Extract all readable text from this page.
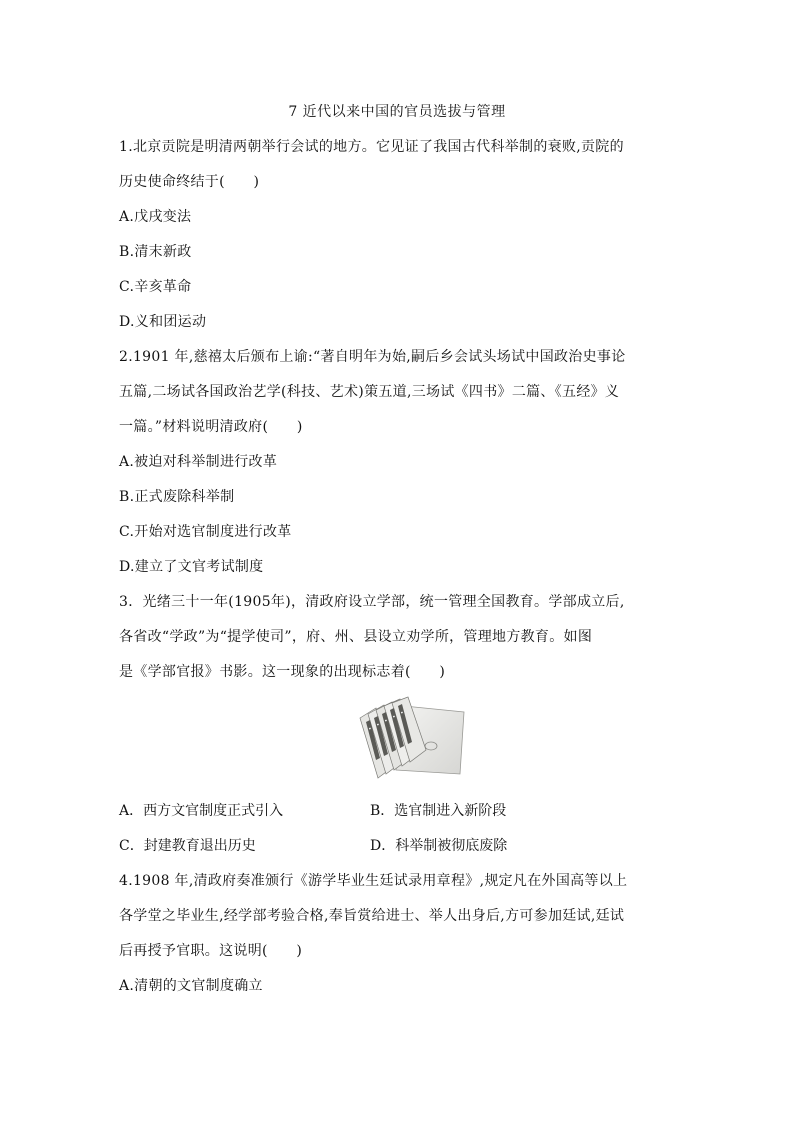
7 近代以来中国的官员选拔与管理
1.北京贡院是明清两朝举行会试的地方。它见证了我国古代科举制的衰败,贡院的
历史使命终结于(　　)
A.戊戌变法
B.清末新政
C.辛亥革命
D.义和团运动
2.1901 年,慈禧太后颁布上谕:“著自明年为始,嗣后乡会试头场试中国政治史事论
五篇,二场试各国政治艺学(科技、艺术)策五道,三场试《四书》二篇、《五经》义
一篇。”材料说明清政府(　　)
A.被迫对科举制进行改革
B.正式废除科举制
C.开始对选官制度进行改革
D.建立了文官考试制度
3．光绪三十一年(1905年)，清政府设立学部，统一管理全国教育。学部成立后,
各省改“学政”为“提学使司”，府、州、县设立劝学所，管理地方教育。如图
是《学部官报》书影。这一现象的出现标志着(　　)
A．西方文官制度正式引入	B．选官制进入新阶段
C．封建教育退出历史	D．科举制被彻底废除
4.1908 年,清政府奏准颁行《游学毕业生廷试录用章程》,规定凡在外国高等以上
各学堂之毕业生,经学部考验合格,奉旨赏给进士、举人出身后,方可参加廷试,廷试
后再授予官职。这说明(　　)
A.清朝的文官制度确立
